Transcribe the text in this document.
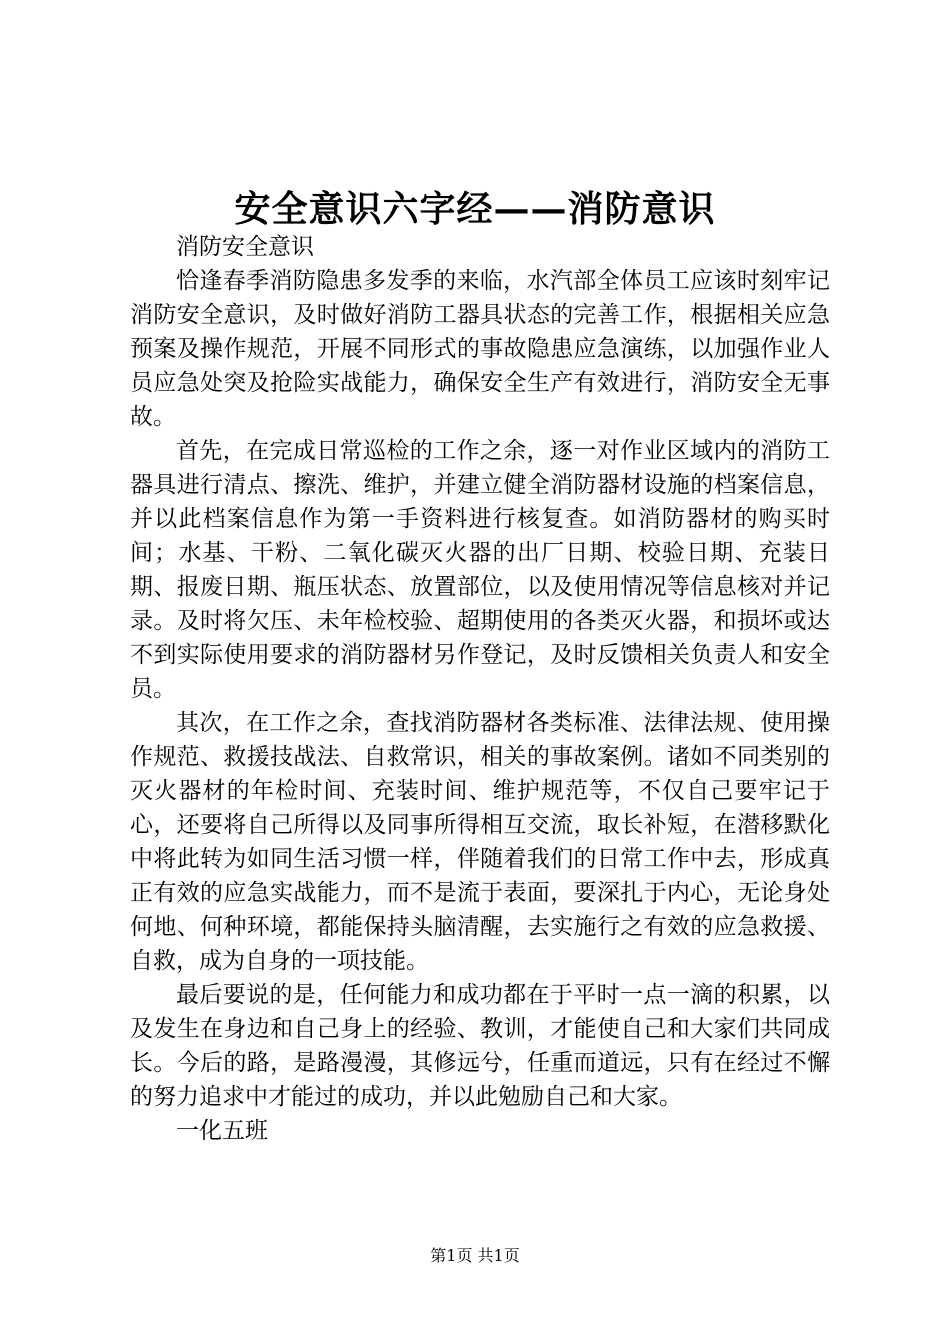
安全意识六字经——消防意识

消防安全意识

恰逢春季消防隐患多发季的来临，水汽部全体员工应该时刻牢记消防安全意识，及时做好消防工器具状态的完善工作，根据相关应急预案及操作规范，开展不同形式的事故隐患应急演练，以加强作业人员应急处突及抢险实战能力，确保安全生产有效进行，消防安全无事故。

首先，在完成日常巡检的工作之余，逐一对作业区域内的消防工器具进行清点、擦洗、维护，并建立健全消防器材设施的档案信息，并以此档案信息作为第一手资料进行核复查。如消防器材的购买时间；水基、干粉、二氧化碳灭火器的出厂日期、校验日期、充装日期、报废日期、瓶压状态、放置部位，以及使用情况等信息核对并记录。及时将欠压、未年检校验、超期使用的各类灭火器，和损坏或达不到实际使用要求的消防器材另作登记，及时反馈相关负责人和安全员。

其次，在工作之余，查找消防器材各类标准、法律法规、使用操作规范、救援技战法、自救常识，相关的事故案例。诸如不同类别的灭火器材的年检时间、充装时间、维护规范等，不仅自己要牢记于心，还要将自己所得以及同事所得相互交流，取长补短，在潜移默化中将此转为如同生活习惯一样，伴随着我们的日常工作中去，形成真正有效的应急实战能力，而不是流于表面，要深扎于内心，无论身处何地、何种环境，都能保持头脑清醒，去实施行之有效的应急救援、自救，成为自身的一项技能。

最后要说的是，任何能力和成功都在于平时一点一滴的积累，以及发生在身边和自己身上的经验、教训，才能使自己和大家们共同成长。今后的路，是路漫漫，其修远兮，任重而道远，只有在经过不懈的努力追求中才能过的成功，并以此勉励自己和大家。

一化五班

第1页 共1页
